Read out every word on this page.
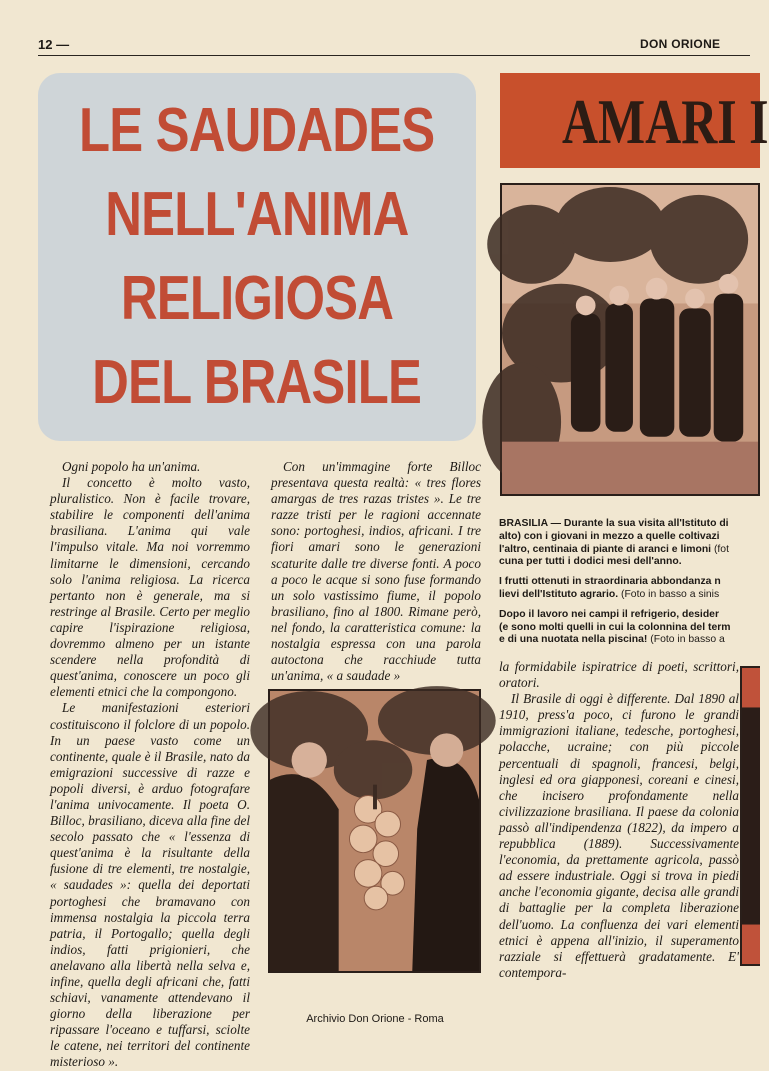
12 —	DON ORIONE
LE SAUDADES
NELL'ANIMA
RELIGIOSA
DEL BRASILE
AMARI I

Ogni popolo ha un'anima.

Il concetto è molto vasto, pluralistico. Non è facile trovare, stabilire le componenti dell'anima brasiliana. L'anima qui vale l'impulso vitale. Ma noi vorremmo limitarne le dimensioni, cercando solo l'anima religiosa. La ricerca pertanto non è generale, ma si restringe al Brasile. Certo per meglio capire l'ispirazione religiosa, dovremmo almeno per un istante scendere nella profondità di quest'anima, conoscere un poco gli elementi etnici che la compongono.

Le manifestazioni esteriori costituiscono il folclore di un popolo. In un paese vasto come un continente, quale è il Brasile, nato da emigrazioni successive di razze e popoli diversi, è arduo fotografare l'anima univocamente. Il poeta O. Billoc, brasiliano, diceva alla fine del secolo passato che « l'essenza di quest'anima è la risultante della fusione di tre elementi, tre nostalgie, « saudades »: quella dei deportati portoghesi che bramavano con immensa nostalgia la piccola terra patria, il Portogallo; quella degli indios, fatti prigionieri, che anelavano alla libertà nella selva e, infine, quella degli africani che, fatti schiavi, vanamente attendevano il giorno della liberazione per ripassare l'oceano e tuffarsi, sciolte le catene, nei territori del continente misterioso ».

Con un'immagine forte Billoc presentava questa realtà: « tres flores amargas de tres razas tristes ». Le tre razze tristi per le ragioni accennate sono: portoghesi, indios, africani. I tre fiori amari sono le generazioni scaturite dalle tre diverse fonti. A poco a poco le acque si sono fuse formando un solo vastissimo fiume, il popolo brasiliano, fino al 1800. Rimane però, nel fondo, la caratteristica comune: la nostalgia espressa con una parola autoctona che racchiude tutta un'anima, « a saudade »

BRASILIA — Durante la sua visita all'Istituto di
alto) con i giovani in mezzo a quelle coltivazi
l'altro, centinaia di piante di aranci e limoni (fot
cuna per tutti i dodici mesi dell'anno.

I frutti ottenuti in straordinaria abbondanza n
lievi dell'Istituto agrario. (Foto in basso a sinis

Dopo il lavoro nei campi il refrigerio, desider
(e sono molti quelli in cui la colonnina del term
e di una nuotata nella piscina! (Foto in basso a

la formidabile ispiratrice di poeti, scrittori, oratori.

Il Brasile di oggi è differente. Dal 1890 al 1910, press'a poco, ci furono le grandi immigrazioni italiane, tedesche, portoghesi, polacche, ucraine; con più piccole percentuali di spagnoli, francesi, belgi, inglesi ed ora giapponesi, coreani e cinesi, che incisero profondamente nella civilizzazione brasiliana. Il paese da colonia passò all'indipendenza (1822), da impero a repubblica (1889). Successivamente l'economia, da prettamente agricola, passò ad essere industriale. Oggi si trova in piedi anche l'economia gigante, decisa alle grandi di battaglie per la completa liberazione dell'uomo. La confluenza dei vari elementi etnici è appena all'inizio, il superamento razziale si effettuerà gradatamente. E' contempora-

Archivio Don Orione - Roma
